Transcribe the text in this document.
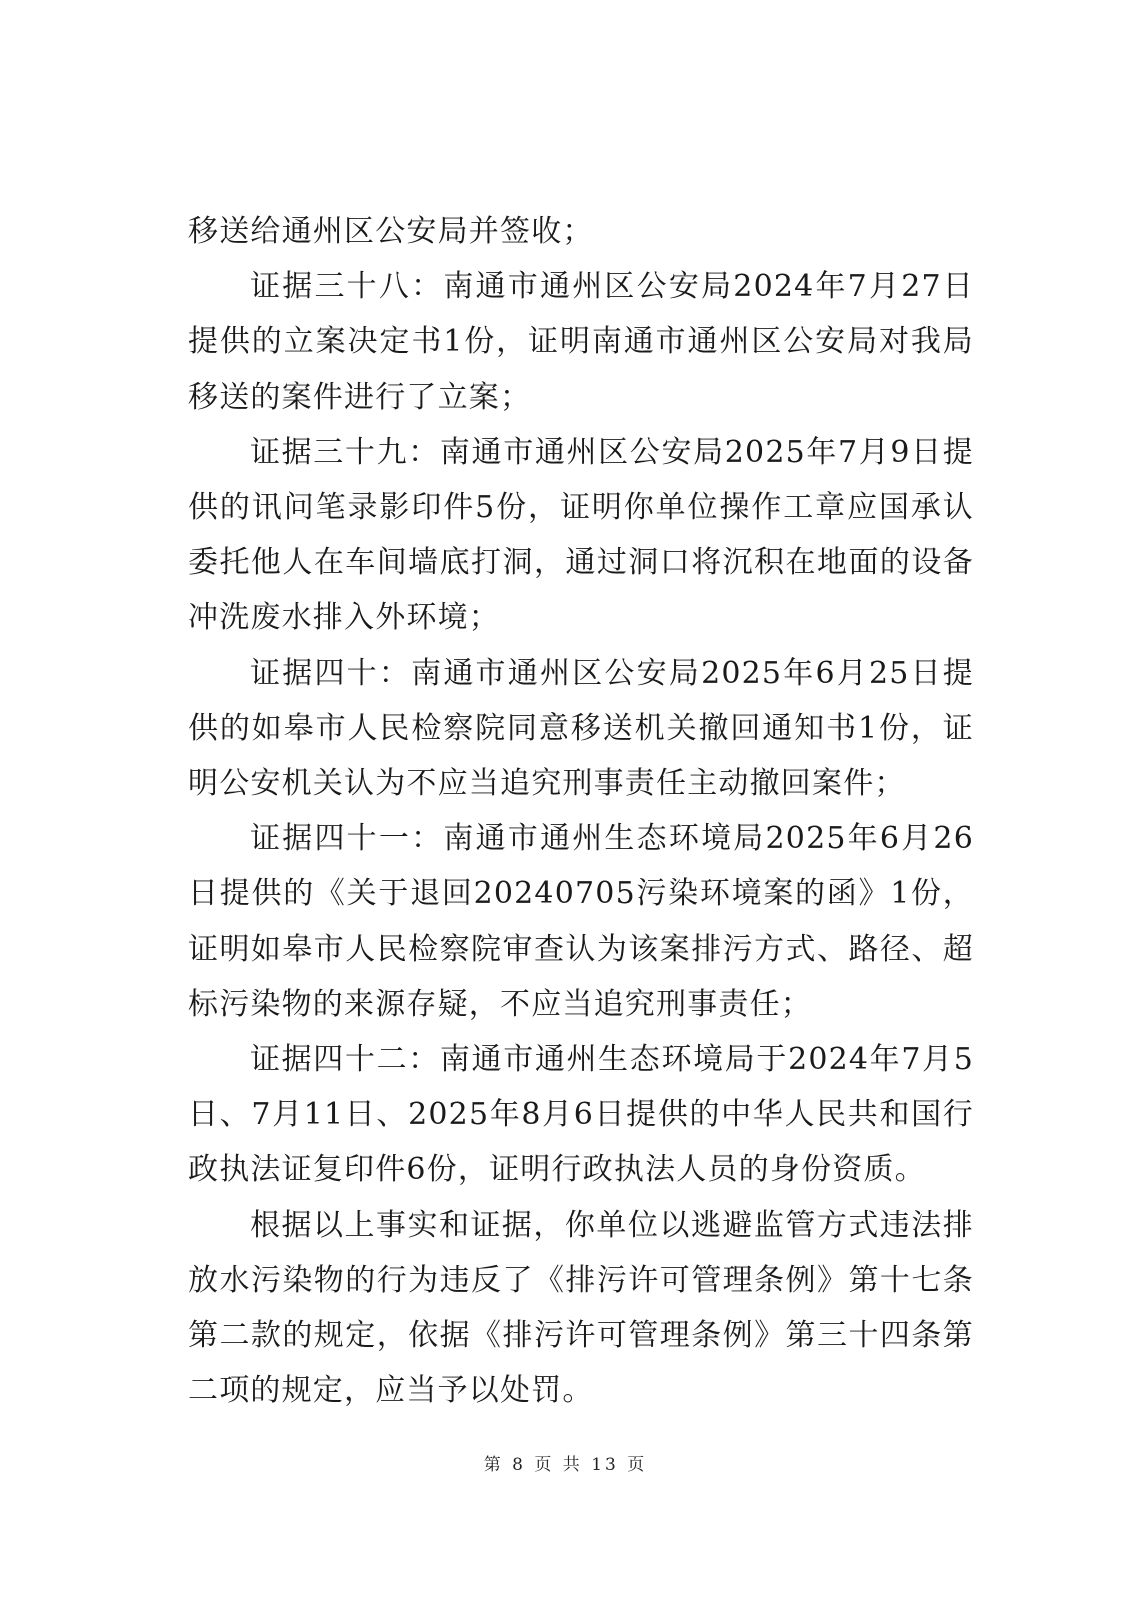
移送给通州区公安局并签收；

证据三十八：南通市通州区公安局2024年7月27日提供的立案决定书1份，证明南通市通州区公安局对我局移送的案件进行了立案；

证据三十九：南通市通州区公安局2025年7月9日提供的讯问笔录影印件5份，证明你单位操作工章应国承认委托他人在车间墙底打洞，通过洞口将沉积在地面的设备冲洗废水排入外环境；

证据四十：南通市通州区公安局2025年6月25日提供的如皋市人民检察院同意移送机关撤回通知书1份，证明公安机关认为不应当追究刑事责任主动撤回案件；

证据四十一：南通市通州生态环境局2025年6月26日提供的《关于退回20240705污染环境案的函》1份，证明如皋市人民检察院审查认为该案排污方式、路径、超标污染物的来源存疑，不应当追究刑事责任；

证据四十二：南通市通州生态环境局于2024年7月5日、7月11日、2025年8月6日提供的中华人民共和国行政执法证复印件6份，证明行政执法人员的身份资质。

根据以上事实和证据，你单位以逃避监管方式违法排放水污染物的行为违反了《排污许可管理条例》第十七条第二款的规定，依据《排污许可管理条例》第三十四条第二项的规定，应当予以处罚。

第 8 页 共 13 页
